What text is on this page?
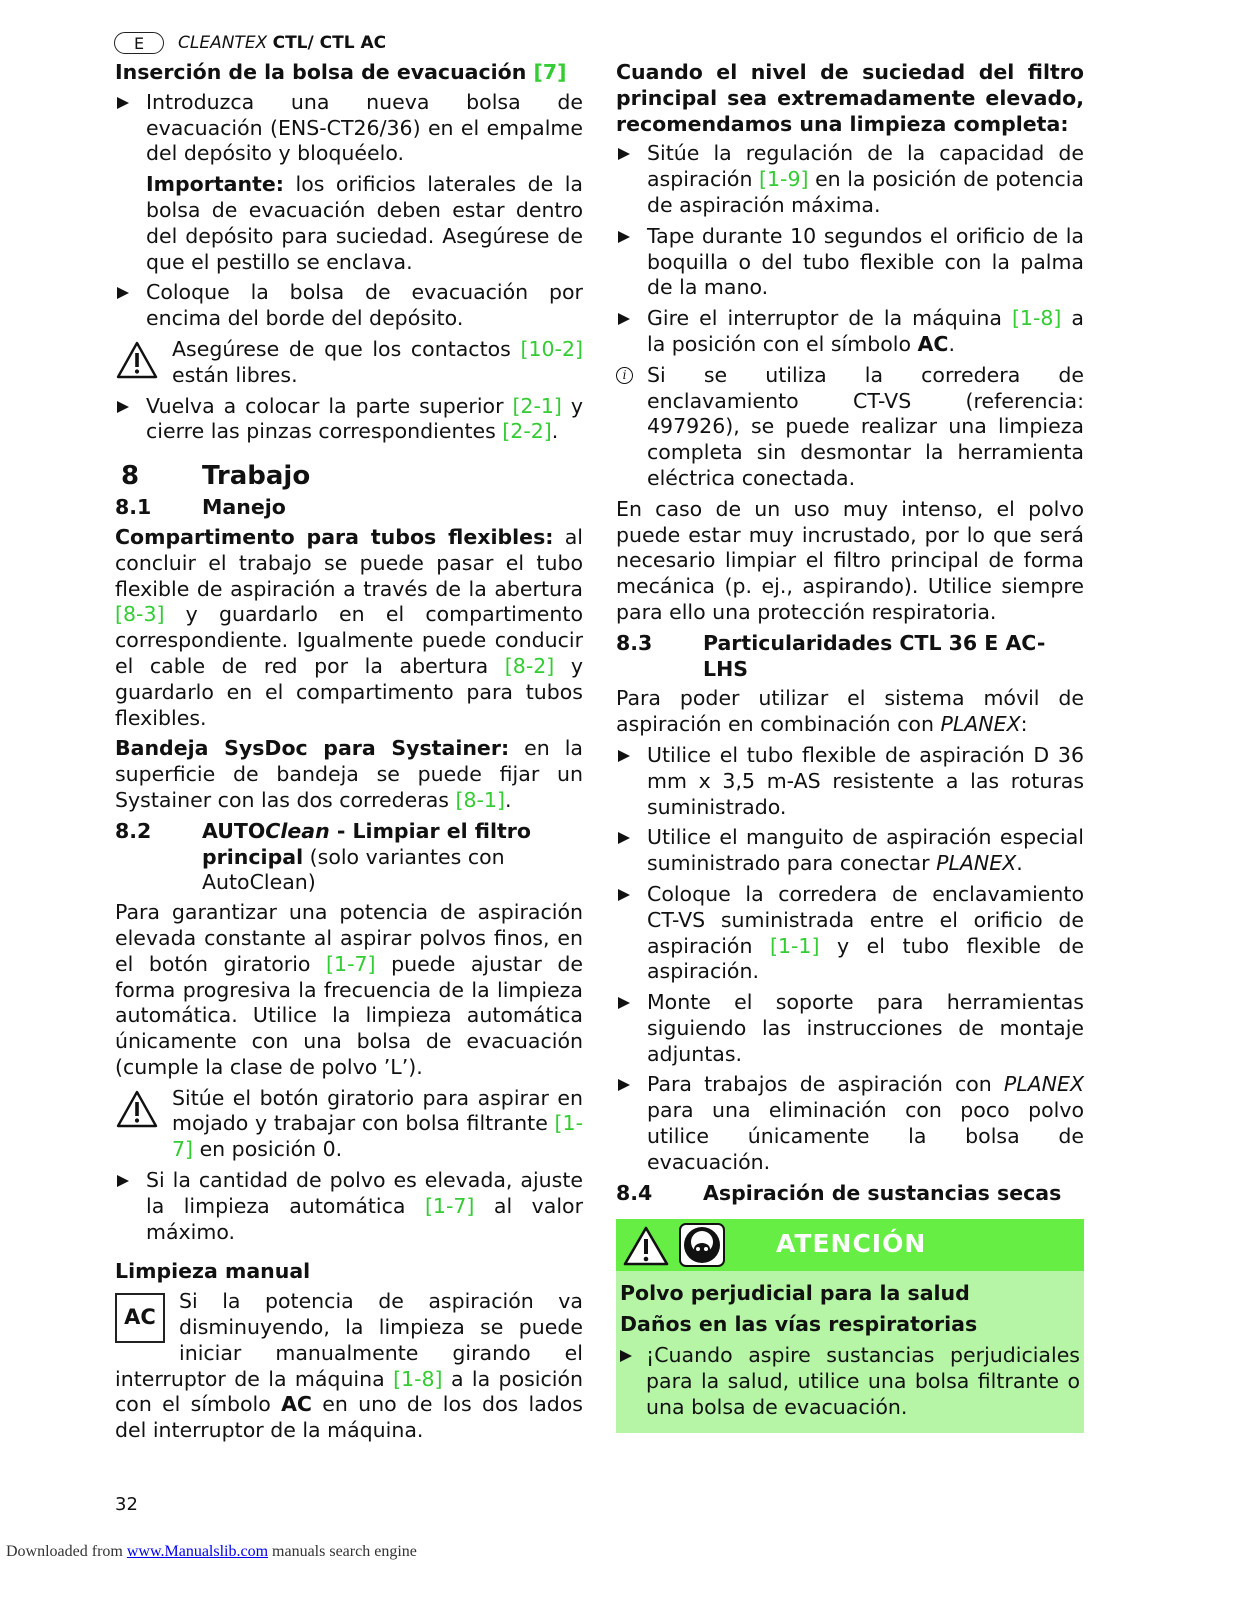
E	CLEANTEX CTL/ CTL AC

Inserción de la bolsa de evacuación [7]

Introduzca una nueva bolsa de evacuación (ENS-CT26/36) en el empalme del depósito y bloquéelo.

Importante: los orificios laterales de la bolsa de evacuación deben estar dentro del depósito para suciedad. Asegúrese de que el pestillo se enclava.

Coloque la bolsa de evacuación por encima del borde del depósito.

Asegúrese de que los contactos [10-2] están libres.

Vuelva a colocar la parte superior [2-1] y cierre las pinzas correspondientes [2-2].

8	Trabajo
8.1	Manejo

Compartimento para tubos flexibles: al concluir el trabajo se puede pasar el tubo flexible de aspiración a través de la abertura [8-3] y guardarlo en el compartimento correspondiente. Igualmente puede conducir el cable de red por la abertura [8-2] y guardarlo en el compartimento para tubos flexibles.

Bandeja SysDoc para Systainer: en la superficie de bandeja se puede fijar un Systainer con las dos correderas [8-1].

8.2	AUTOClean - Limpiar el filtro principal (solo variantes con AutoClean)

Para garantizar una potencia de aspiración elevada constante al aspirar polvos finos, en el botón giratorio [1-7] puede ajustar de forma progresiva la frecuencia de la limpieza automática. Utilice la limpieza automática únicamente con una bolsa de evacuación (cumple la clase de polvo ’L’).

Sitúe el botón giratorio para aspirar en mojado y trabajar con bolsa filtrante [1-7] en posición 0.

Si la cantidad de polvo es elevada, ajuste la limpieza automática [1-7] al valor máximo.

Limpieza manual

AC
Si la potencia de aspiración va disminuyendo, la limpieza se puede iniciar manualmente girando el interruptor de la máquina [1-8] a la posición con el símbolo AC en uno de los dos lados del interruptor de la máquina.

Cuando el nivel de suciedad del filtro principal sea extremadamente elevado, recomendamos una limpieza completa:

Sitúe la regulación de la capacidad de aspiración [1-9] en la posición de potencia de aspiración máxima.

Tape durante 10 segundos el orificio de la boquilla o del tubo flexible con la palma de la mano.

Gire el interruptor de la máquina [1-8] a la posición con el símbolo AC.

i	Si se utiliza la corredera de enclavamiento CT-VS (referencia: 497926), se puede realizar una limpieza completa sin desmontar la herramienta eléctrica conectada.

En caso de un uso muy intenso, el polvo puede estar muy incrustado, por lo que será necesario limpiar el filtro principal de forma mecánica (p. ej., aspirando). Utilice siempre para ello una protección respiratoria.

8.3	Particularidades CTL 36 E AC-LHS

Para poder utilizar el sistema móvil de aspiración en combinación con PLANEX:

Utilice el tubo flexible de aspiración D 36 mm x 3,5 m-AS resistente a las roturas suministrado.

Utilice el manguito de aspiración especial suministrado para conectar PLANEX.

Coloque la corredera de enclavamiento CT-VS suministrada entre el orificio de aspiración [1-1] y el tubo flexible de aspiración.

Monte el soporte para herramientas siguiendo las instrucciones de montaje adjuntas.

Para trabajos de aspiración con PLANEX para una eliminación con poco polvo utilice únicamente la bolsa de evacuación.

8.4	Aspiración de sustancias secas
ATENCIÓN

Polvo perjudicial para la salud

Daños en las vías respiratorias

¡Cuando aspire sustancias perjudiciales para la salud, utilice una bolsa filtrante o una bolsa de evacuación.

32
Downloaded from www.Manualslib.com manuals search engine
